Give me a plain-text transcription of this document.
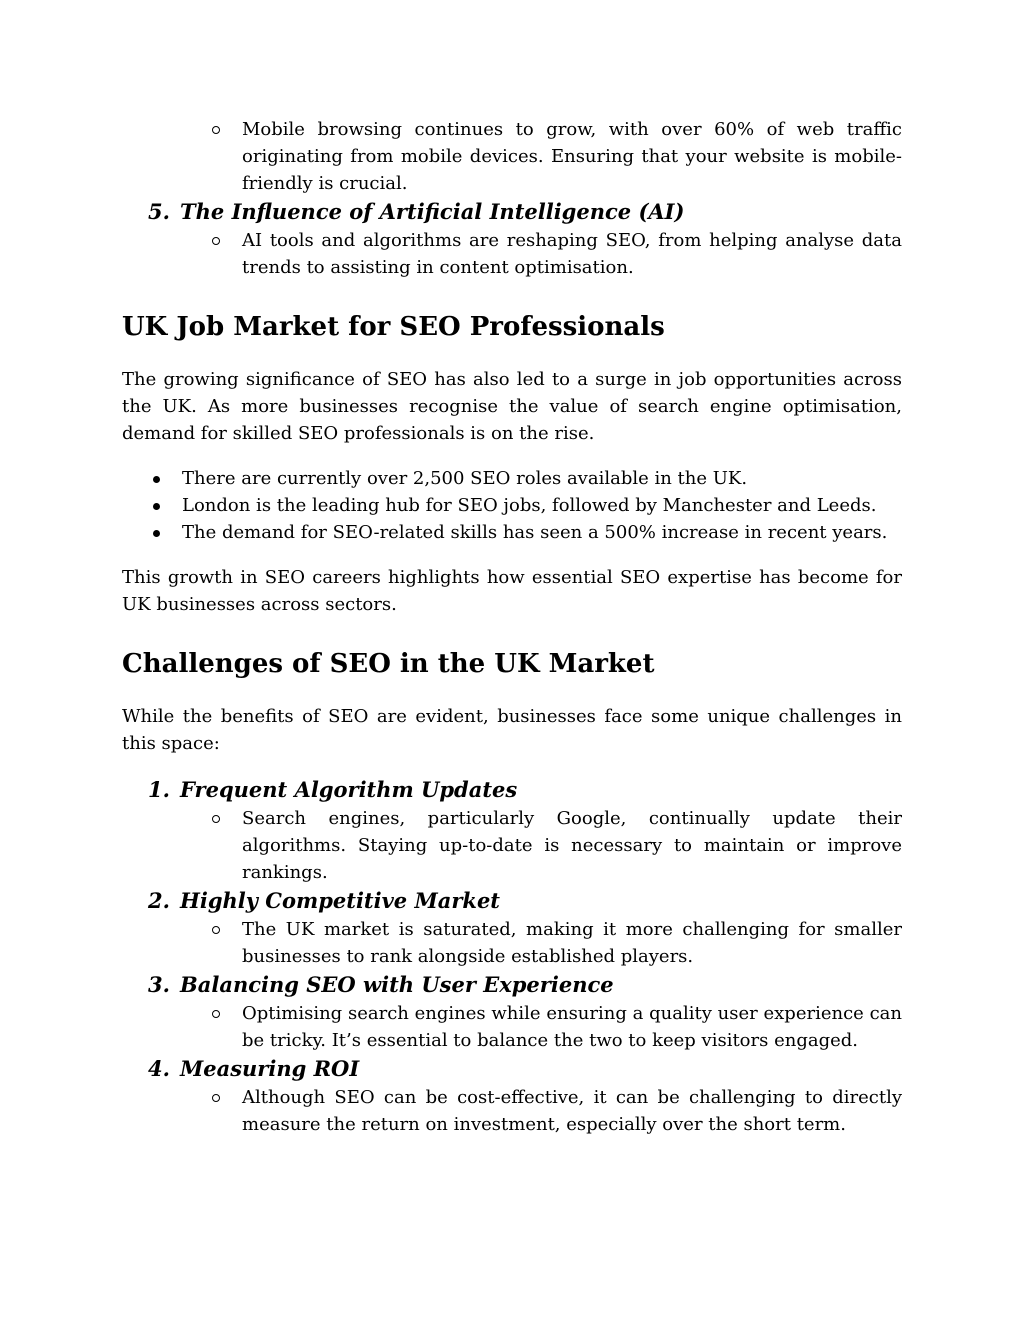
Mobile browsing continues to grow, with over 60% of web traffic originating from mobile devices. Ensuring that your website is mobile-friendly is crucial.
5. The Influence of Artificial Intelligence (AI)
AI tools and algorithms are reshaping SEO, from helping analyse data trends to assisting in content optimisation.
UK Job Market for SEO Professionals

The growing significance of SEO has also led to a surge in job opportunities across the UK. As more businesses recognise the value of search engine optimisation, demand for skilled SEO professionals is on the rise.

There are currently over 2,500 SEO roles available in the UK.
London is the leading hub for SEO jobs, followed by Manchester and Leeds.
The demand for SEO-related skills has seen a 500% increase in recent years.

This growth in SEO careers highlights how essential SEO expertise has become for UK businesses across sectors.

Challenges of SEO in the UK Market

While the benefits of SEO are evident, businesses face some unique challenges in this space:

1. Frequent Algorithm Updates
Search engines, particularly Google, continually update their algorithms. Staying up-to-date is necessary to maintain or improve rankings.
2. Highly Competitive Market
The UK market is saturated, making it more challenging for smaller businesses to rank alongside established players.
3. Balancing SEO with User Experience
Optimising search engines while ensuring a quality user experience can be tricky. It’s essential to balance the two to keep visitors engaged.
4. Measuring ROI
Although SEO can be cost-effective, it can be challenging to directly measure the return on investment, especially over the short term.
